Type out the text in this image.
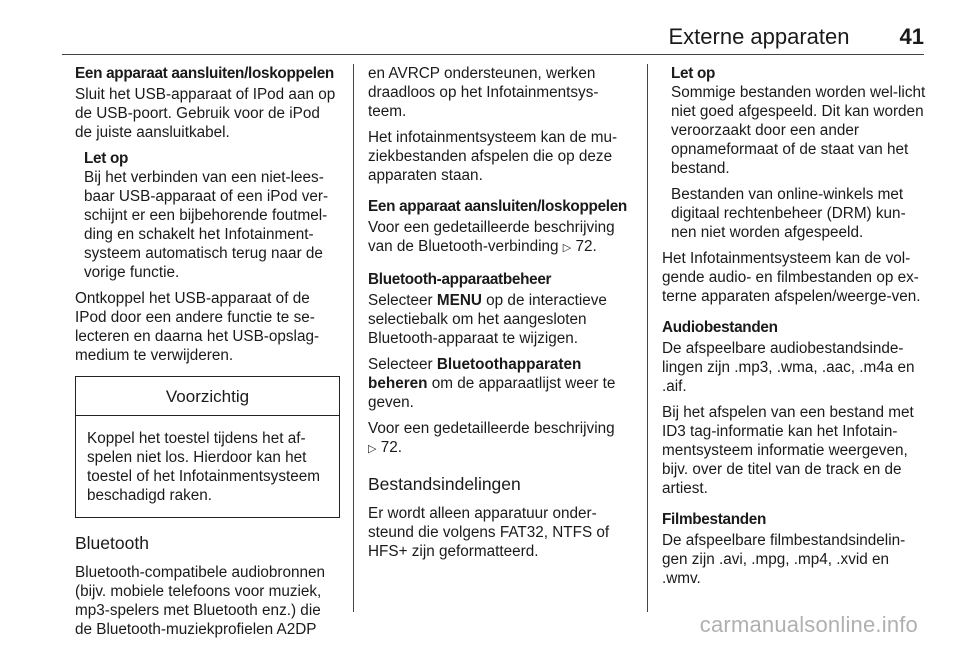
Externe apparaten 41

Een apparaat aansluiten/loskoppelen

Sluit het USB-apparaat of IPod aan op de USB-poort. Gebruik voor de iPod de juiste aansluitkabel.

Let op

Bij het verbinden van een niet-lees-baar USB-apparaat of een iPod ver-schijnt er een bijbehorende foutmel-ding en schakelt het Infotainment-systeem automatisch terug naar de vorige functie.

Ontkoppel het USB-apparaat of de IPod door een andere functie te se-lecteren en daarna het USB-opslag-medium te verwijderen.

Voorzichtig
Koppel het toestel tijdens het af-spelen niet los. Hierdoor kan het toestel of het Infotainmentsysteem beschadigd raken.
Bluetooth

Bluetooth-compatibele audiobronnen (bijv. mobiele telefoons voor muziek, mp3-spelers met Bluetooth enz.) die de Bluetooth-muziekprofielen A2DP

en AVRCP ondersteunen, werken draadloos op het Infotainmentsys-teem.

Het infotainmentsysteem kan de mu-ziekbestanden afspelen die op deze apparaten staan.

Een apparaat aansluiten/loskoppelen

Voor een gedetailleerde beschrijving van de Bluetooth-verbinding ▷ 72.

Bluetooth-apparaatbeheer

Selecteer MENU op de interactieve selectiebalk om het aangesloten Bluetooth-apparaat te wijzigen.

Selecteer Bluetoothapparaten beheren om de apparaatlijst weer te geven.

Voor een gedetailleerde beschrijving
▷ 72.

Bestandsindelingen

Er wordt alleen apparatuur onder-steund die volgens FAT32, NTFS of HFS+ zijn geformatteerd.

Let op

Sommige bestanden worden wel-licht niet goed afgespeeld. Dit kan worden veroorzaakt door een ander opnameformaat of de staat van het bestand.

Bestanden van online-winkels met digitaal rechtenbeheer (DRM) kun-nen niet worden afgespeeld.

Het Infotainmentsysteem kan de vol-gende audio- en filmbestanden op ex-terne apparaten afspelen/weerge-ven.

Audiobestanden

De afspeelbare audiobestandsinde-lingen zijn .mp3, .wma, .aac, .m4a en .aif.

Bij het afspelen van een bestand met ID3 tag-informatie kan het Infotain-mentsysteem informatie weergeven, bijv. over de titel van de track en de artiest.

Filmbestanden

De afspeelbare filmbestandsindelin-gen zijn .avi, .mpg, .mp4, .xvid en .wmv.

carmanualsonline.info
